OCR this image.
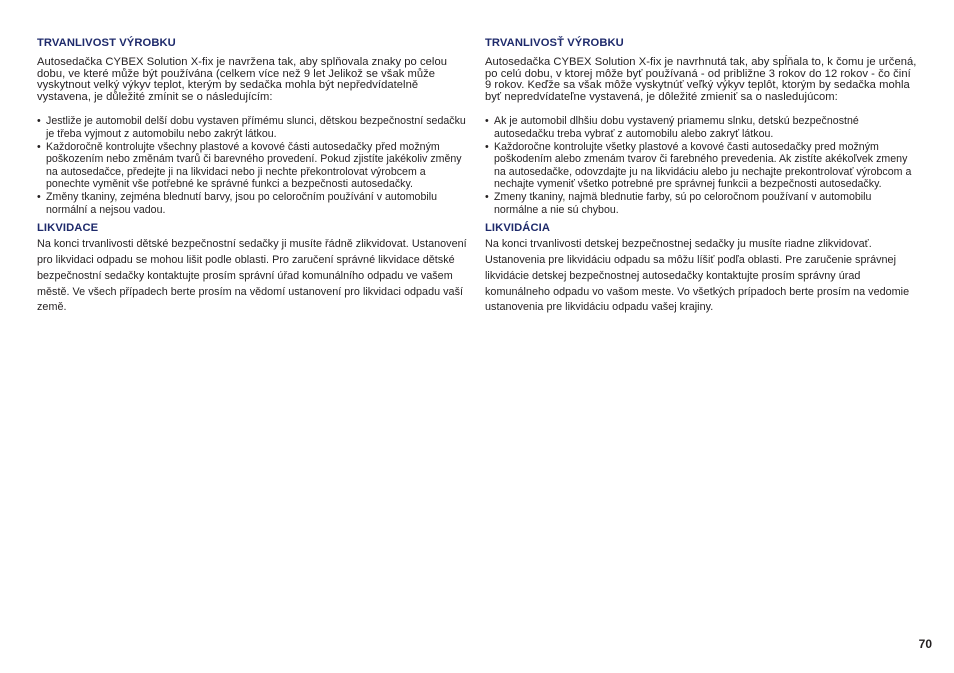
TRVANLIVOST VÝROBKU

Autosedačka CYBEX Solution X-fix je navržena tak, aby splňovala znaky po celou dobu, ve které může být používána (celkem více než 9 let Jelikož se však může vyskytnout velký výkyv teplot, kterým by sedačka mohla být nepředvídatelně vystavena, je důležité zmínit se o následujícím:

• Jestliže je automobil delší dobu vystaven přímému slunci, dětskou bezpečnostní sedačku je třeba vyjmout z automobilu nebo zakrýt látkou.
• Každoročně kontrolujte všechny plastové a kovové části autosedačky před možným poškozením nebo změnám tvarů či barevného provedení. Pokud zjistíte jakékoliv změny na autosedačce, předejte ji na likvidaci nebo ji nechte překontrolovat výrobcem a ponechte vyměnit vše potřebné ke správné funkci a bezpečnosti autosedačky.
• Změny tkaniny, zejména blednutí barvy, jsou po celoročním používání v automobilu normální a nejsou vadou.
LIKVIDACE

Na konci trvanlivosti dětské bezpečnostní sedačky ji musíte řádně zlikvidovat. Ustanovení pro likvidaci odpadu se mohou lišit podle oblasti. Pro zaručení správné likvidace dětské bezpečnostní sedačky kontaktujte prosím správní úřad komunálního odpadu ve vašem městě. Ve všech případech berte prosím na vědomí ustanovení pro likvidaci odpadu vaší země.

TRVANLIVOSŤ VÝROBKU

Autosedačka CYBEX Solution X-fix je navrhnutá tak, aby spĺňala to, k čomu je určená, po celú dobu, v ktorej môže byť používaná - od približne 3 rokov do 12 rokov - čo činí 9 rokov. Keďže sa však môže vyskytnúť veľký výkyv teplôt, ktorým by sedačka mohla byť nepredvídateľne vystavená, je dôležité zmieniť sa o nasledujúcom:

• Ak je automobil dlhšiu dobu vystavený priamemu slnku, detskú bezpečnostné autosedačku treba vybrať z automobilu alebo zakryť látkou.
• Každoročne kontrolujte všetky plastové a kovové časti autosedačky pred možným poškodením alebo zmenám tvarov či farebného prevedenia. Ak zistíte akékoľvek zmeny na autosedačke, odovzdajte ju na likvidáciu alebo ju nechajte prekontrolovať výrobcom a nechajte vymeniť všetko potrebné pre správnej funkcii a bezpečnosti autosedačky.
• Zmeny tkaniny, najmä blednutie farby, sú po celoročnom používaní v automobilu normálne a nie sú chybou.
LIKVIDÁCIA

Na konci trvanlivosti detskej bezpečnostnej sedačky ju musíte riadne zlikvidovať. Ustanovenia pre likvidáciu odpadu sa môžu líšiť podľa oblasti. Pre zaručenie správnej likvidácie detskej bezpečnostnej autosedačky kontaktujte prosím správny úrad komunálneho odpadu vo vašom meste. Vo všetkých prípadoch berte prosím na vedomie ustanovenia pre likvidáciu odpadu vašej krajiny.

70
